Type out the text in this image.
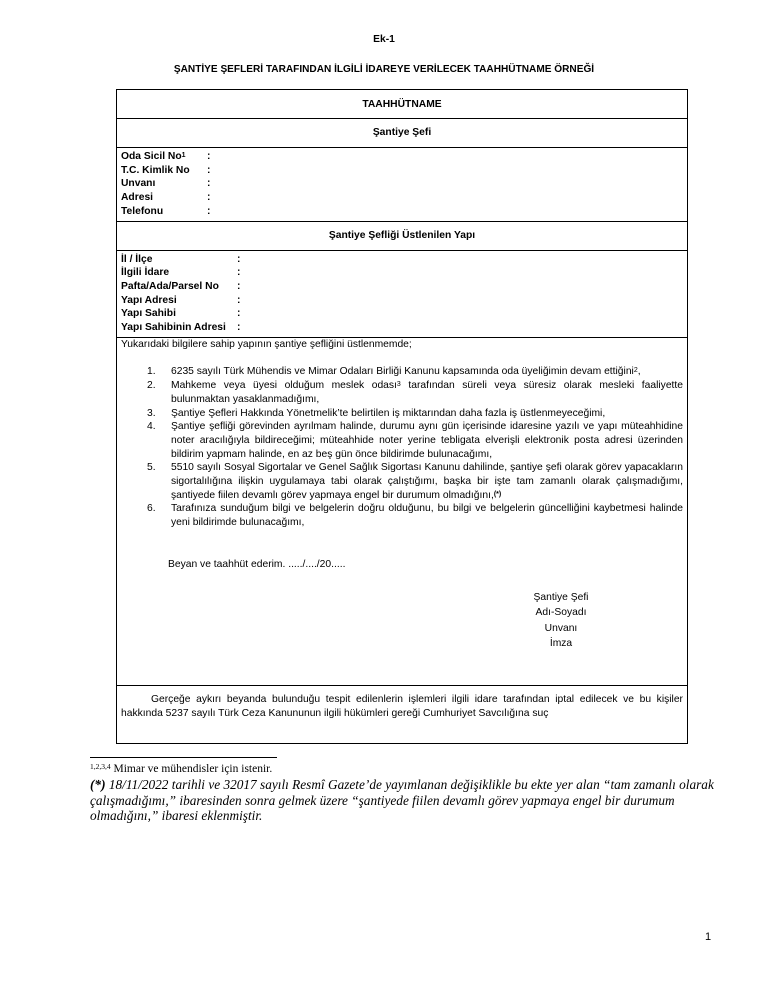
Ek-1
ŞANTİYE ŞEFLERİ TARAFINDAN İLGİLİ İDAREYE VERİLECEK TAAHHÜTNAME ÖRNEĞİ
TAAHHÜTNAME
Şantiye Şefi
Oda Sicil No$^1$	:
T.C. Kimlik No	:
Unvanı	:
Adresi	:
Telefonu	:
Şantiye Şefliği Üstlenilen Yapı
İl / İlçe	:
İlgili İdare	:
Pafta/Ada/Parsel No	:
Yapı Adresi	:
Yapı Sahibi	:
Yapı Sahibinin Adresi	:
Yukarıdaki bilgilere sahip yapının şantiye şefliğini üstlenmemde;
1. 6235 sayılı Türk Mühendis ve Mimar Odaları Birliği Kanunu kapsamında oda üyeliğimin devam ettiğini$^2$,
2. Mahkeme veya üyesi olduğum meslek odası$^3$ tarafından süreli veya süresiz olarak mesleki faaliyette bulunmaktan yasaklanmadığımı,
3. Şantiye Şefleri Hakkında Yönetmelik’te belirtilen iş miktarından daha fazla iş üstlenmeyeceğimi,
4. Şantiye şefliği görevinden ayrılmam halinde, durumu aynı gün içerisinde idaresine yazılı ve yapı müteahhidine noter aracılığıyla bildireceğimi; müteahhide noter yerine tebligata elverişli elektronik posta adresi üzerinden bildirim yapmam halinde, en az beş gün önce bildirimde bulunacağımı,
5. 5510 sayılı Sosyal Sigortalar ve Genel Sağlık Sigortası Kanunu dahilinde, şantiye şefi olarak görev yapacakların sigortalılığına ilişkin uygulamaya tabi olarak çalıştığımı, başka bir işte tam zamanlı olarak çalışmadığımı, şantiyede fiilen devamlı görev yapmaya engel bir durumum olmadığını,(*)
6. Tarafınıza sunduğum bilgi ve belgelerin doğru olduğunu, bu bilgi ve belgelerin güncelliğini kaybetmesi halinde yeni bildirimde bulunacağımı,
Beyan ve taahhüt ederim. ...../..../20.....
Şantiye Şefi
Adı-Soyadı
Unvanı
İmza

Gerçeğe aykırı beyanda bulunduğu tespit edilenlerin işlemleri ilgili idare tarafından iptal edilecek ve bu kişiler hakkında 5237 sayılı Türk Ceza Kanununun ilgili hükümleri gereği Cumhuriyet Savcılığına suç

$^{1,2,3,4}$ Mimar ve mühendisler için istenir.
(*) 18/11/2022 tarihli ve 32017 sayılı Resmî Gazete’de yayımlanan değişiklikle bu ekte yer alan “tam zamanlı olarak çalışmadığımı,” ibaresinden sonra gelmek üzere “şantiyede fiilen devamlı görev yapmaya engel bir durumum olmadığını,” ibaresi eklenmiştir.
1
